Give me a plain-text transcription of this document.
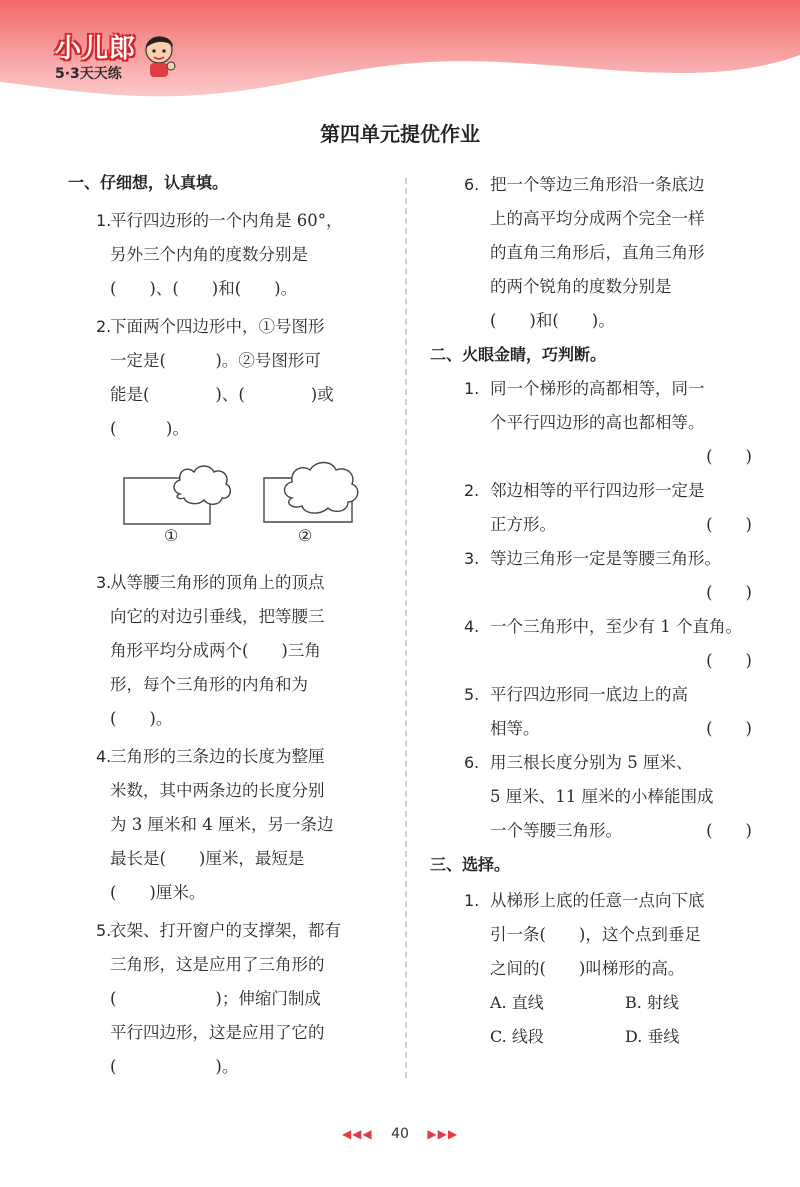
小儿郎
5·3天天练
第四单元提优作业
一、仔细想，认真填。
1.
平行四边形的一个内角是 60°，
另外三个内角的度数分别是
(　　)、(　　)和(　　)。
2.
下面两个四边形中，①号图形
一定是(　　　)。②号图形可
能是(　　　　)、(　　　　)或
(　　　)。
①	②
3.
从等腰三角形的顶角上的顶点
向它的对边引垂线，把等腰三
角形平均分成两个(　　)三角
形，每个三角形的内角和为
(　　)。
4.
三角形的三条边的长度为整厘
米数，其中两条边的长度分别
为 3 厘米和 4 厘米，另一条边
最长是(　　)厘米，最短是
(　　)厘米。
5.
衣架、打开窗户的支撑架，都有
三角形，这是应用了三角形的
(　　　　　　)；伸缩门制成
平行四边形，这是应用了它的
(　　　　　　)。
6. 把一个等边三角形沿一条底边
上的高平均分成两个完全一样
的直角三角形后，直角三角形
的两个锐角的度数分别是
(　　)和(　　)。
二、火眼金睛，巧判断。
1. 同一个梯形的高都相等，同一
个平行四边形的高也都相等。
(　　)
2. 邻边相等的平行四边形一定是
正方形。	(　　)
3. 等边三角形一定是等腰三角形。
(　　)
4. 一个三角形中，至少有 1 个直角。
(　　)
5. 平行四边形同一底边上的高
相等。	(　　)
6. 用三根长度分别为 5 厘米、
5 厘米、11 厘米的小棒能围成
一个等腰三角形。	(　　)
三、选择。
1. 从梯形上底的任意一点向下底
引一条(　　)，这个点到垂足
之间的(　　)叫梯形的高。
A. 直线	B. 射线
C. 线段	D. 垂线
◀◀◀ 40 ▶▶▶
